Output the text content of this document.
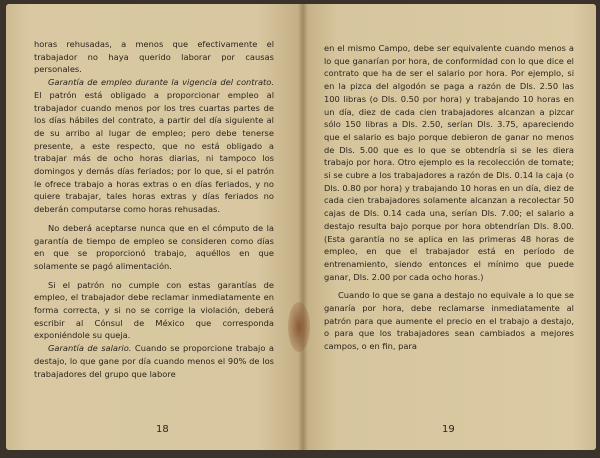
horas rehusadas, a menos que efectivamente el trabajador no haya querido laborar por causas personales.

Garantía de empleo durante la vigencia del contrato. El patrón está obligado a proporcionar empleo al trabajador cuando menos por los tres cuartas partes de los días hábiles del contrato, a partir del día siguiente al de su arribo al lugar de empleo; pero debe tenerse presente, a este respecto, que no está obligado a trabajar más de ocho horas diarias, ni tampoco los domingos y demás días feriados; por lo que, si el patrón le ofrece trabajo a horas extras o en días feriados, y no quiere trabajar, tales horas extras y días feriados no deberán computarse como horas rehusadas.

No deberá aceptarse nunca que en el cómputo de la garantía de tiempo de empleo se consideren como días en que se proporcionó trabajo, aquéllos en que solamente se pagó alimentación.

Si el patrón no cumple con estas garantías de empleo, el trabajador debe reclamar inmediatamente en forma correcta, y si no se corrige la violación, deberá escribir al Cónsul de México que corresponda exponiéndole su queja.

Garantía de salario. Cuando se proporcione trabajo a destajo, lo que gane por día cuando menos el 90% de los trabajadores del grupo que labore

18

en el mismo Campo, debe ser equivalente cuando menos a lo que ganarían por hora, de conformidad con lo que dice el contrato que ha de ser el salario por hora. Por ejemplo, si en la pizca del algodón se paga a razón de Dls. 2.50 las 100 libras (o Dls. 0.50 por hora) y trabajando 10 horas en un día, diez de cada cien trabajadores alcanzan a pizcar sólo 150 libras a Dls. 2.50, serían Dls. 3.75, apareciendo que el salario es bajo porque debieron de ganar no menos de Dls. 5.00 que es lo que se obtendría si se les diera trabajo por hora. Otro ejemplo es la recolección de tomate; si se cubre a los trabajadores a razón de Dls. 0.14 la caja (o Dls. 0.80 por hora) y trabajando 10 horas en un día, diez de cada cien trabajadores solamente alcanzan a recolectar 50 cajas de Dls. 0.14 cada una, serían Dls. 7.00; el salario a destajo resulta bajo porque por hora obtendrían Dls. 8.00. (Esta garantía no se aplica en las primeras 48 horas de empleo, en que el trabajador está en período de entrenamiento, siendo entonces el mínimo que puede ganar, Dls. 2.00 por cada ocho horas.)

Cuando lo que se gana a destajo no equivale a lo que se ganaría por hora, debe reclamarse inmediatamente al patrón para que aumente el precio en el trabajo a destajo, o para que los trabajadores sean cambiados a mejores campos, o en fin, para

19
